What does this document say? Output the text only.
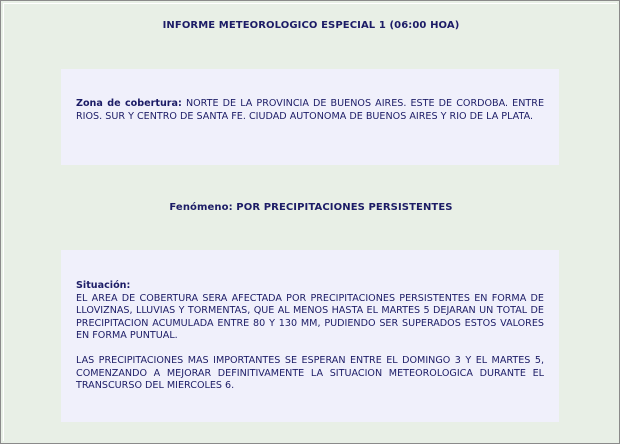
INFORME METEOROLOGICO ESPECIAL 1 (06:00 HOA)

Zona de cobertura: NORTE DE LA PROVINCIA DE BUENOS AIRES. ESTE DE CORDOBA. ENTRE RIOS. SUR Y CENTRO DE SANTA FE. CIUDAD AUTONOMA DE BUENOS AIRES Y RIO DE LA PLATA.

Fenómeno: POR PRECIPITACIONES PERSISTENTES

Situación:

EL AREA DE COBERTURA SERA AFECTADA POR PRECIPITACIONES PERSISTENTES EN FORMA DE LLOVIZNAS, LLUVIAS Y TORMENTAS, QUE AL MENOS HASTA EL MARTES 5 DEJARAN UN TOTAL DE PRECIPITACION ACUMULADA ENTRE 80 Y 130 MM, PUDIENDO SER SUPERADOS ESTOS VALORES EN FORMA PUNTUAL.

LAS PRECIPITACIONES MAS IMPORTANTES SE ESPERAN ENTRE EL DOMINGO 3 Y EL MARTES 5, COMENZANDO A MEJORAR DEFINITIVAMENTE LA SITUACION METEOROLOGICA DURANTE EL TRANSCURSO DEL MIERCOLES 6.
